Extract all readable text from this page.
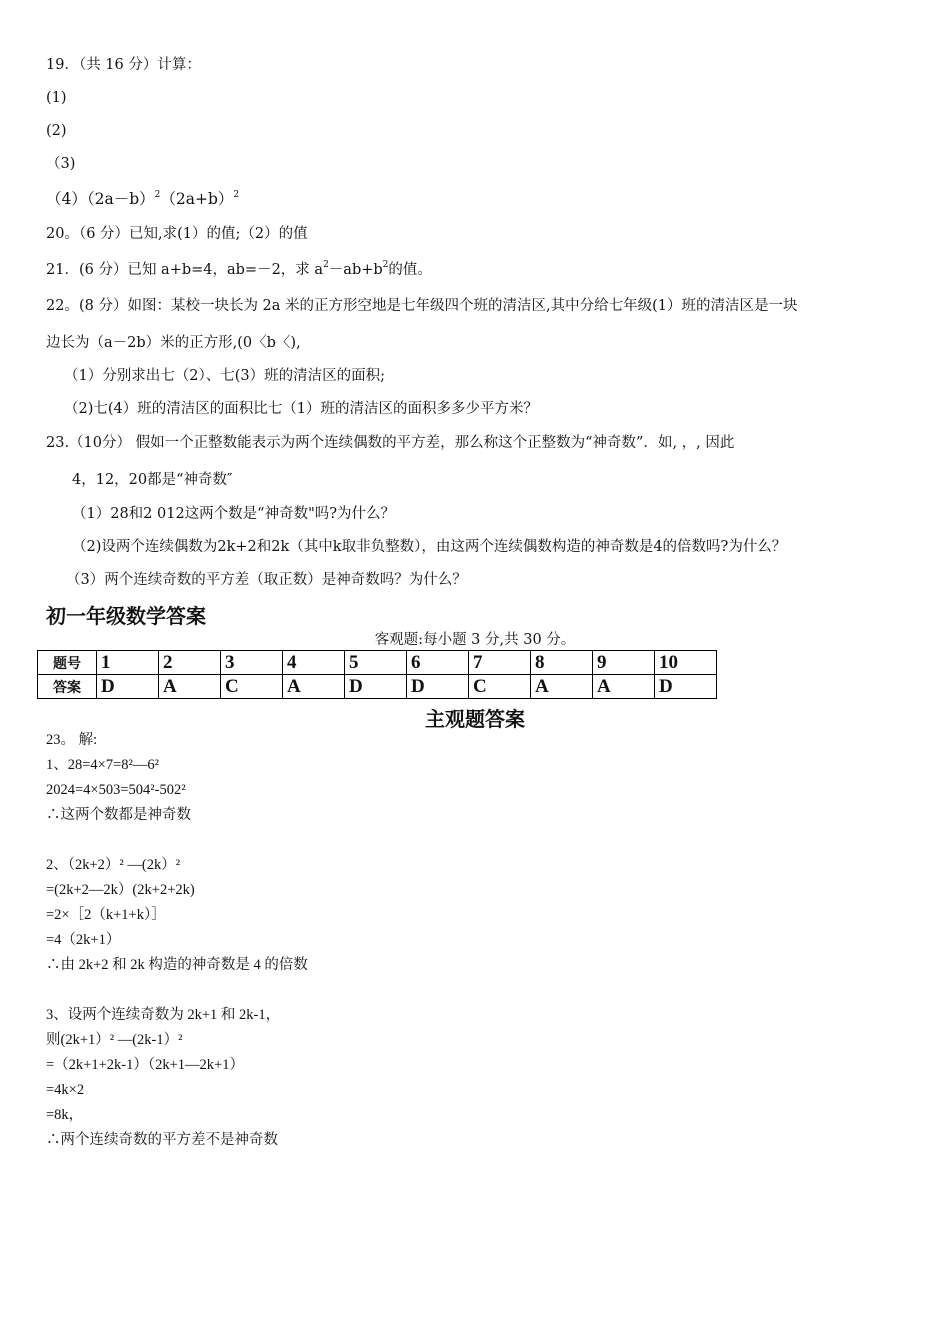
19．（共 16 分）计算：
(1)
(2)
（3)
$(4)(2a-b)^2(2a+b)^2$
20。（6 分）已知,求(1）的值;（2）的值
21．(6 分）已知 a+b=4，ab=－2，求 $a^2-ab+b^2$的值。
22。(8 分）如图：某校一块长为 2a 米的正方形空地是七年级四个班的清洁区,其中分给七年级(1）班的清洁区是一块
边长为（a－2b）米的正方形,(0〈b〈),
（1）分别求出七（2）、七(3）班的清洁区的面积;
（2)七(4）班的清洁区的面积比七（1）班的清洁区的面积多多少平方米？
23.（10分） 假如一个正整数能表示为两个连续偶数的平方差，那么称这个正整数为“神奇数”．如, ，, 因此
4，12，20都是“神奇数″
（1）28和2 012这两个数是“神奇数"吗?为什么？
（2)设两个连续偶数为2k+2和2k（其中k取非负整数），由这两个连续偶数构造的神奇数是4的倍数吗?为什么？
（3）两个连续奇数的平方差（取正数）是神奇数吗？为什么？
初一年级数学答案
客观题:每小题 3 分,共 30 分。
题号	1	2	3	4	5	6	7	8	9	10
答案	D	A	C	A	D	D	C	A	A	D
主观题答案
23。 解:
1、28=4×7=8²—6²
2024=4×503=504²-502²
∴这两个数都是神奇数
2、（2k+2）² —(2k）²
=(2k+2—2k）(2k+2+2k)
=2×［2（k+1+k）］
=4（2k+1）
∴由 2k+2 和 2k 构造的神奇数是 4 的倍数
3、设两个连续奇数为 2k+1 和 2k-1，
则(2k+1）² —(2k-1）²
=（2k+1+2k-1）（2k+1—2k+1）
=4k×2
=8k，
∴两个连续奇数的平方差不是神奇数
